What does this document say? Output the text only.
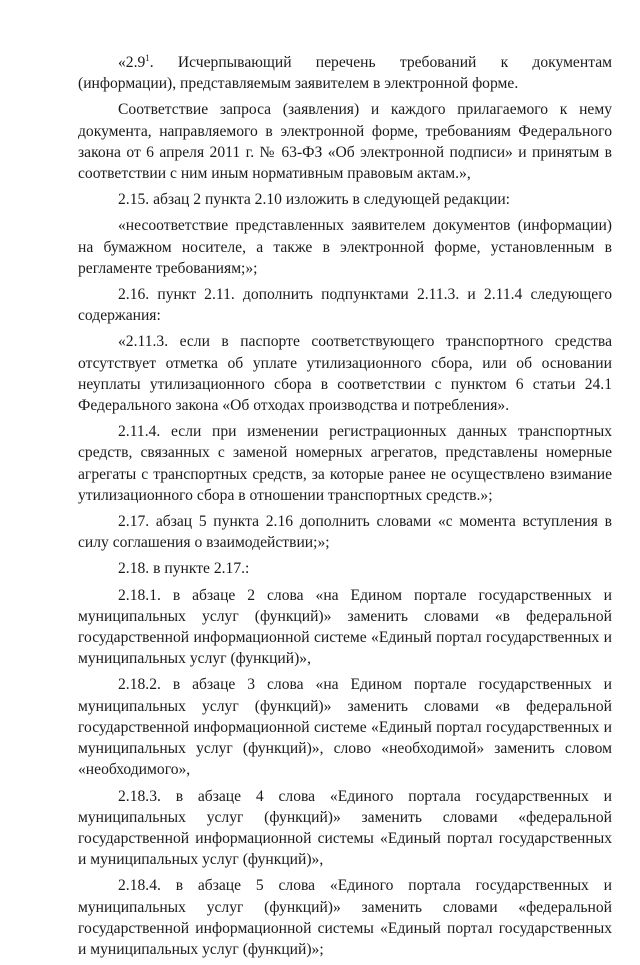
«$2.9^1$. Исчерпывающий перечень требований к документам (информации), представляемым заявителем в электронной форме.

Соответствие запроса (заявления) и каждого прилагаемого к нему документа, направляемого в электронной форме, требованиям Федерального закона от 6 апреля 2011 г. № 63-ФЗ «Об электронной подписи» и принятым в соответствии с ним иным нормативным правовым актам.»,

2.15. абзац 2 пункта 2.10 изложить в следующей редакции:

«несоответствие представленных заявителем документов (информации) на бумажном носителе, а также в электронной форме, установленным в регламенте требованиям;»;

2.16. пункт 2.11. дополнить подпунктами 2.11.3. и 2.11.4 следующего содержания:

«2.11.3. если в паспорте соответствующего транспортного средства отсутствует отметка об уплате утилизационного сбора, или об основании неуплаты утилизационного сбора в соответствии с пунктом 6 статьи 24.1 Федерального закона «Об отходах производства и потребления».

2.11.4. если при изменении регистрационных данных транспортных средств, связанных с заменой номерных агрегатов, представлены номерные агрегаты с транспортных средств, за которые ранее не осуществлено взимание утилизационного сбора в отношении транспортных средств.»;

2.17. абзац 5 пункта 2.16 дополнить словами «с момента вступления в силу соглашения о взаимодействии;»;

2.18. в пункте 2.17.:

2.18.1. в абзаце 2 слова «на Едином портале государственных и муниципальных услуг (функций)» заменить словами «в федеральной государственной информационной системе «Единый портал государственных и муниципальных услуг (функций)»,

2.18.2. в абзаце 3 слова «на Едином портале государственных и муниципальных услуг (функций)» заменить словами «в федеральной государственной информационной системе «Единый портал государственных и муниципальных услуг (функций)», слово «необходимой» заменить словом «необходимого»,

2.18.3. в абзаце 4 слова «Единого портала государственных и муниципальных услуг (функций)» заменить словами «федеральной государственной информационной системы «Единый портал государственных и муниципальных услуг (функций)»,

2.18.4. в абзаце 5 слова «Единого портала государственных и муниципальных услуг (функций)» заменить словами «федеральной государственной информационной системы «Единый портал государственных и муниципальных услуг (функций)»;
